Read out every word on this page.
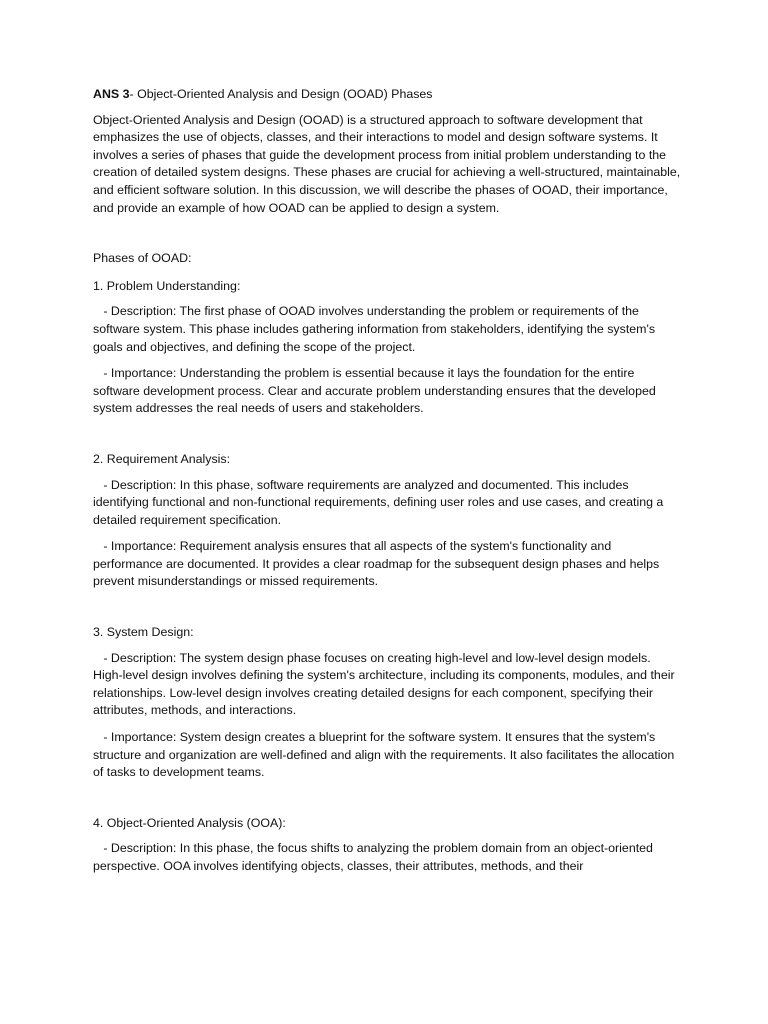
ANS 3- Object-Oriented Analysis and Design (OOAD) Phases

Object-Oriented Analysis and Design (OOAD) is a structured approach to software development that emphasizes the use of objects, classes, and their interactions to model and design software systems. It involves a series of phases that guide the development process from initial problem understanding to the creation of detailed system designs. These phases are crucial for achieving a well-structured, maintainable, and efficient software solution. In this discussion, we will describe the phases of OOAD, their importance, and provide an example of how OOAD can be applied to design a system.

Phases of OOAD:

1. Problem Understanding:

- Description: The first phase of OOAD involves understanding the problem or requirements of the software system. This phase includes gathering information from stakeholders, identifying the system's goals and objectives, and defining the scope of the project.

- Importance: Understanding the problem is essential because it lays the foundation for the entire software development process. Clear and accurate problem understanding ensures that the developed system addresses the real needs of users and stakeholders.

2. Requirement Analysis:

- Description: In this phase, software requirements are analyzed and documented. This includes identifying functional and non-functional requirements, defining user roles and use cases, and creating a detailed requirement specification.

- Importance: Requirement analysis ensures that all aspects of the system's functionality and performance are documented. It provides a clear roadmap for the subsequent design phases and helps prevent misunderstandings or missed requirements.

3. System Design:

- Description: The system design phase focuses on creating high-level and low-level design models. High-level design involves defining the system's architecture, including its components, modules, and their relationships. Low-level design involves creating detailed designs for each component, specifying their attributes, methods, and interactions.

- Importance: System design creates a blueprint for the software system. It ensures that the system's structure and organization are well-defined and align with the requirements. It also facilitates the allocation of tasks to development teams.

4. Object-Oriented Analysis (OOA):

- Description: In this phase, the focus shifts to analyzing the problem domain from an object-oriented perspective. OOA involves identifying objects, classes, their attributes, methods, and their
